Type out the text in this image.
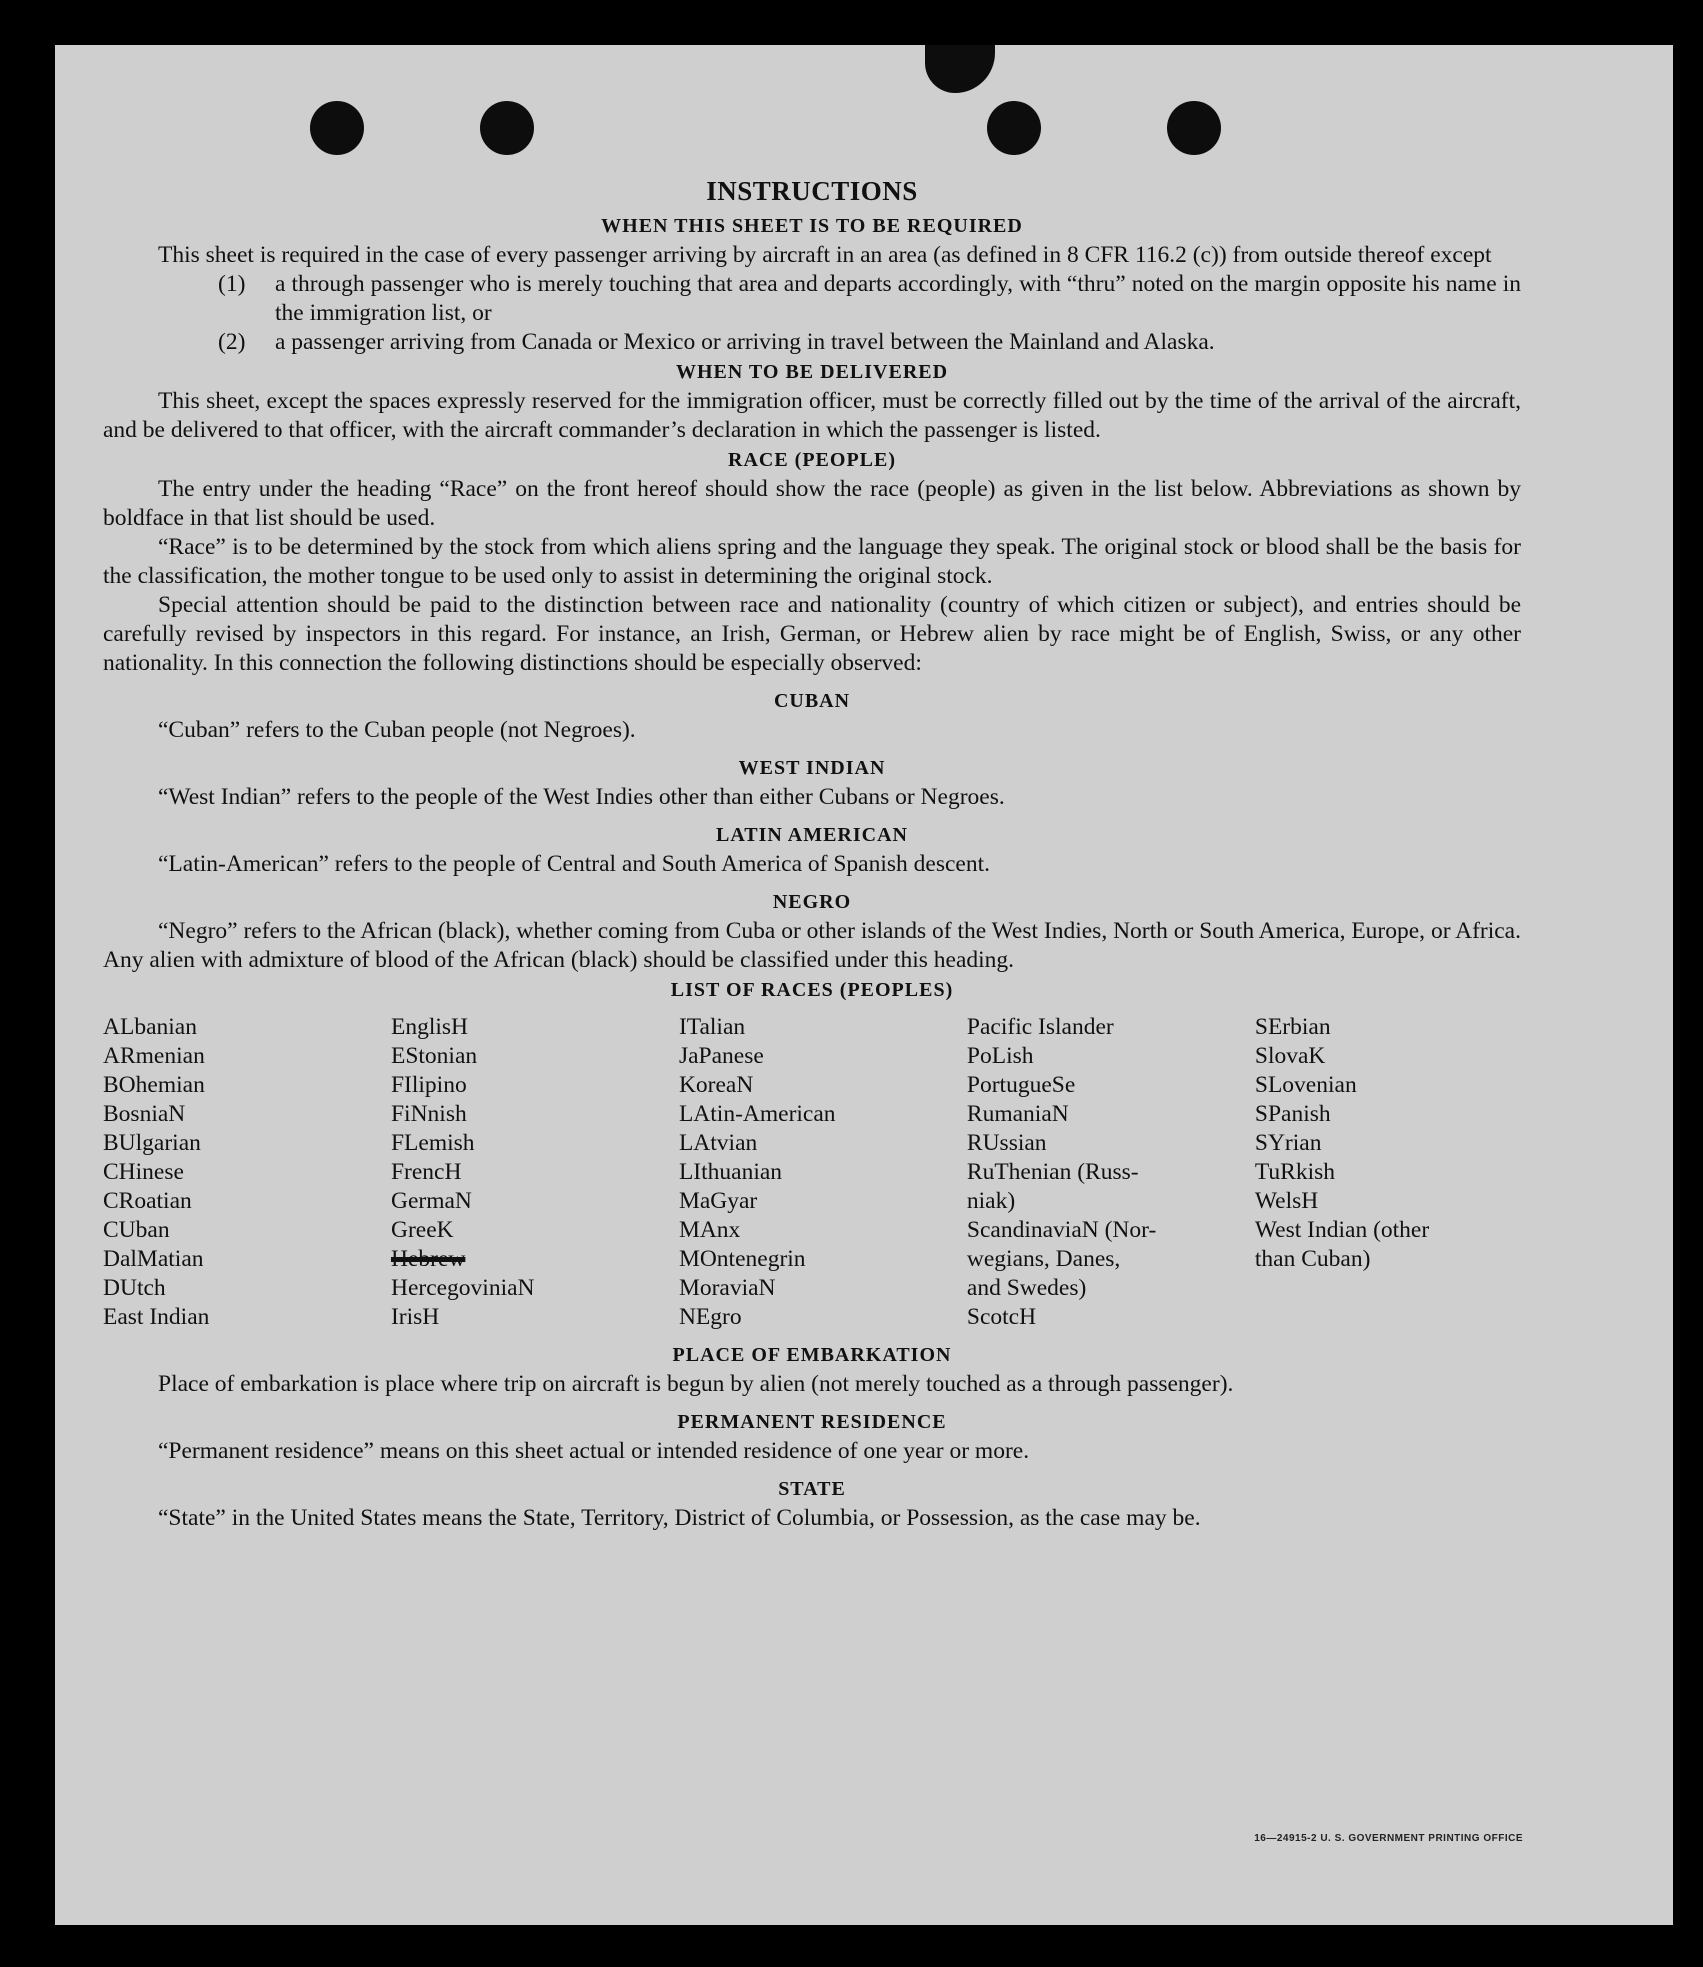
INSTRUCTIONS
WHEN THIS SHEET IS TO BE REQUIRED

This sheet is required in the case of every passenger arriving by aircraft in an area (as defined in 8 CFR 116.2 (c)) from outside thereof except

(1)	a through passenger who is merely touching that area and departs accordingly, with “thru” noted on the margin opposite his name in the immigration list, or
(2)	a passenger arriving from Canada or Mexico or arriving in travel between the Mainland and Alaska.
WHEN TO BE DELIVERED

This sheet, except the spaces expressly reserved for the immigration officer, must be correctly filled out by the time of the arrival of the aircraft, and be delivered to that officer, with the aircraft commander’s declaration in which the passenger is listed.

RACE (PEOPLE)

The entry under the heading “Race” on the front hereof should show the race (people) as given in the list below. Abbreviations as shown by boldface in that list should be used.

“Race” is to be determined by the stock from which aliens spring and the language they speak. The original stock or blood shall be the basis for the classification, the mother tongue to be used only to assist in determining the original stock.

Special attention should be paid to the distinction between race and nationality (country of which citizen or subject), and entries should be carefully revised by inspectors in this regard. For instance, an Irish, German, or Hebrew alien by race might be of English, Swiss, or any other nationality. In this connection the following distinctions should be especially observed:

CUBAN

“Cuban” refers to the Cuban people (not Negroes).

WEST INDIAN

“West Indian” refers to the people of the West Indies other than either Cubans or Negroes.

LATIN AMERICAN

“Latin-American” refers to the people of Central and South America of Spanish descent.

NEGRO

“Negro” refers to the African (black), whether coming from Cuba or other islands of the West Indies, North or South America, Europe, or Africa. Any alien with admixture of blood of the African (black) should be classified under this heading.

LIST OF RACES (PEOPLES)
ALbanian
ARmenian
BOhemian
BosniaN
BUlgarian
CHinese
CRoatian
CUban
DalMatian
DUtch
East Indian
EnglisH
EStonian
FIlipino
FiNnish
FLemish
FrencH
GermaN
GreeK
Hebrew
HercegoviniaN
IrisH
ITalian
JaPanese
KoreaN
LAtin-American
LAtvian
LIthuanian
MaGyar
MAnx
MOntenegrin
MoraviaN
NEgro
Pacific Islander
PoLish
PortugueSe
RumaniaN
RUssian
RuThenian (Russ-
niak)
ScandinaviaN (Nor-
wegians, Danes,
and Swedes)
ScotcH
SErbian
SlovaK
SLovenian
SPanish
SYrian
TuRkish
WelsH
West Indian (other
than Cuban)
PLACE OF EMBARKATION

Place of embarkation is place where trip on aircraft is begun by alien (not merely touched as a through passenger).

PERMANENT RESIDENCE

“Permanent residence” means on this sheet actual or intended residence of one year or more.

STATE

“State” in the United States means the State, Territory, District of Columbia, or Possession, as the case may be.

16—24915-2 U. S. GOVERNMENT PRINTING OFFICE
